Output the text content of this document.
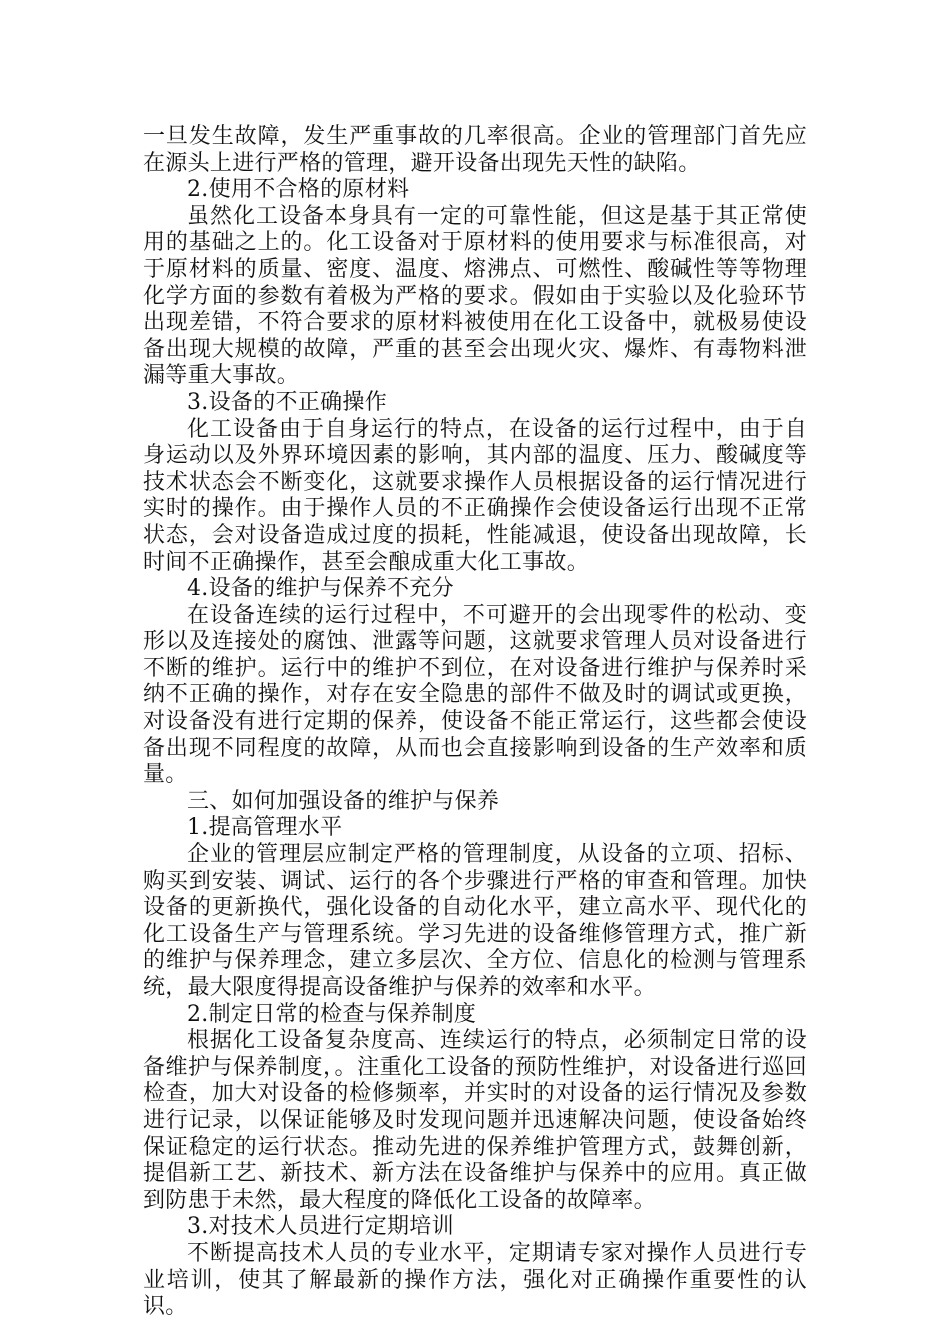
一旦发生故障，发生严重事故的几率很高。企业的管理部门首先应在源头上进行严格的管理，避开设备出现先天性的缺陷。

2.使用不合格的原材料

虽然化工设备本身具有一定的可靠性能，但这是基于其正常使用的基础之上的。化工设备对于原材料的使用要求与标准很高，对于原材料的质量、密度、温度、熔沸点、可燃性、酸碱性等等物理化学方面的参数有着极为严格的要求。假如由于实验以及化验环节出现差错，不符合要求的原材料被使用在化工设备中，就极易使设备出现大规模的故障，严重的甚至会出现火灾、爆炸、有毒物料泄漏等重大事故。

3.设备的不正确操作

化工设备由于自身运行的特点，在设备的运行过程中，由于自身运动以及外界环境因素的影响，其内部的温度、压力、酸碱度等技术状态会不断变化，这就要求操作人员根据设备的运行情况进行实时的操作。由于操作人员的不正确操作会使设备运行出现不正常状态，会对设备造成过度的损耗，性能减退，使设备出现故障，长时间不正确操作，甚至会酿成重大化工事故。

4.设备的维护与保养不充分

在设备连续的运行过程中，不可避开的会出现零件的松动、变形以及连接处的腐蚀、泄露等问题，这就要求管理人员对设备进行不断的维护。运行中的维护不到位，在对设备进行维护与保养时采纳不正确的操作，对存在安全隐患的部件不做及时的调试或更换，对设备没有进行定期的保养，使设备不能正常运行，这些都会使设备出现不同程度的故障，从而也会直接影响到设备的生产效率和质量。

三、如何加强设备的维护与保养

1.提高管理水平

企业的管理层应制定严格的管理制度，从设备的立项、招标、购买到安装、调试、运行的各个步骤进行严格的审查和管理。加快设备的更新换代，强化设备的自动化水平，建立高水平、现代化的化工设备生产与管理系统。学习先进的设备维修管理方式，推广新的维护与保养理念，建立多层次、全方位、信息化的检测与管理系统，最大限度得提高设备维护与保养的效率和水平。

2.制定日常的检查与保养制度

根据化工设备复杂度高、连续运行的特点，必须制定日常的设备维护与保养制度，。注重化工设备的预防性维护，对设备进行巡回检查，加大对设备的检修频率，并实时的对设备的运行情况及参数进行记录，以保证能够及时发现问题并迅速解决问题，使设备始终保证稳定的运行状态。推动先进的保养维护管理方式，鼓舞创新，提倡新工艺、新技术、新方法在设备维护与保养中的应用。真正做到防患于未然，最大程度的降低化工设备的故障率。

3.对技术人员进行定期培训

不断提高技术人员的专业水平，定期请专家对操作人员进行专业培训，使其了解最新的操作方法，强化对正确操作重要性的认识。
